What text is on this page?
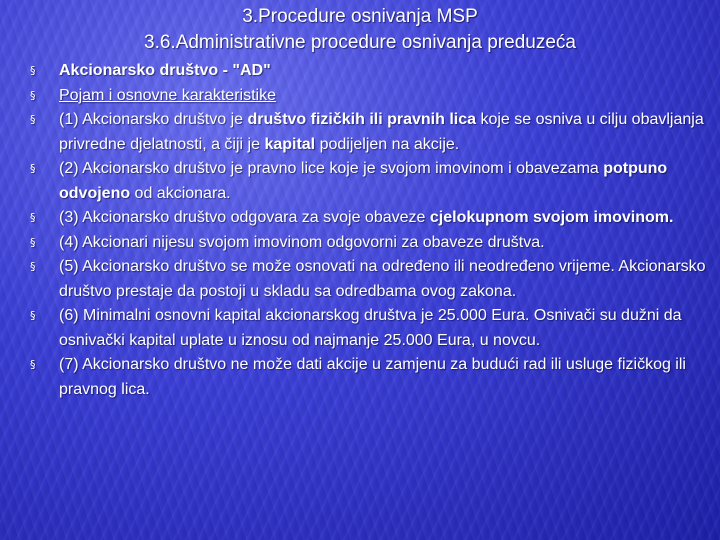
3.Procedure osnivanja MSP
3.6.Administrativne procedure osnivanja preduzeća
§	Akcionarsko društvo - "AD"
§	Pojam i osnovne karakteristike
§	(1) Akcionarsko društvo je društvo fizičkih ili pravnih lica koje se osniva u cilju obavljanja privredne djelatnosti, a čiji je kapital podijeljen na akcije.
§	(2) Akcionarsko društvo je pravno lice koje je svojom imovinom i obavezama potpuno odvojeno od akcionara.
§	(3) Akcionarsko društvo odgovara za svoje obaveze cjelokupnom svojom imovinom.
§	(4) Akcionari nijesu svojom imovinom odgovorni za obaveze društva.
§	(5) Akcionarsko društvo se može osnovati na određeno ili neodređeno vrijeme. Akcionarsko društvo prestaje da postoji u skladu sa odredbama ovog zakona.
§	(6) Minimalni osnovni kapital akcionarskog društva je 25.000 Eura. Osnivači su dužni da osnivački kapital uplate u iznosu od najmanje 25.000 Eura, u novcu.
§	(7) Akcionarsko društvo ne može dati akcije u zamjenu za budući rad ili usluge fizičkog ili pravnog lica.
